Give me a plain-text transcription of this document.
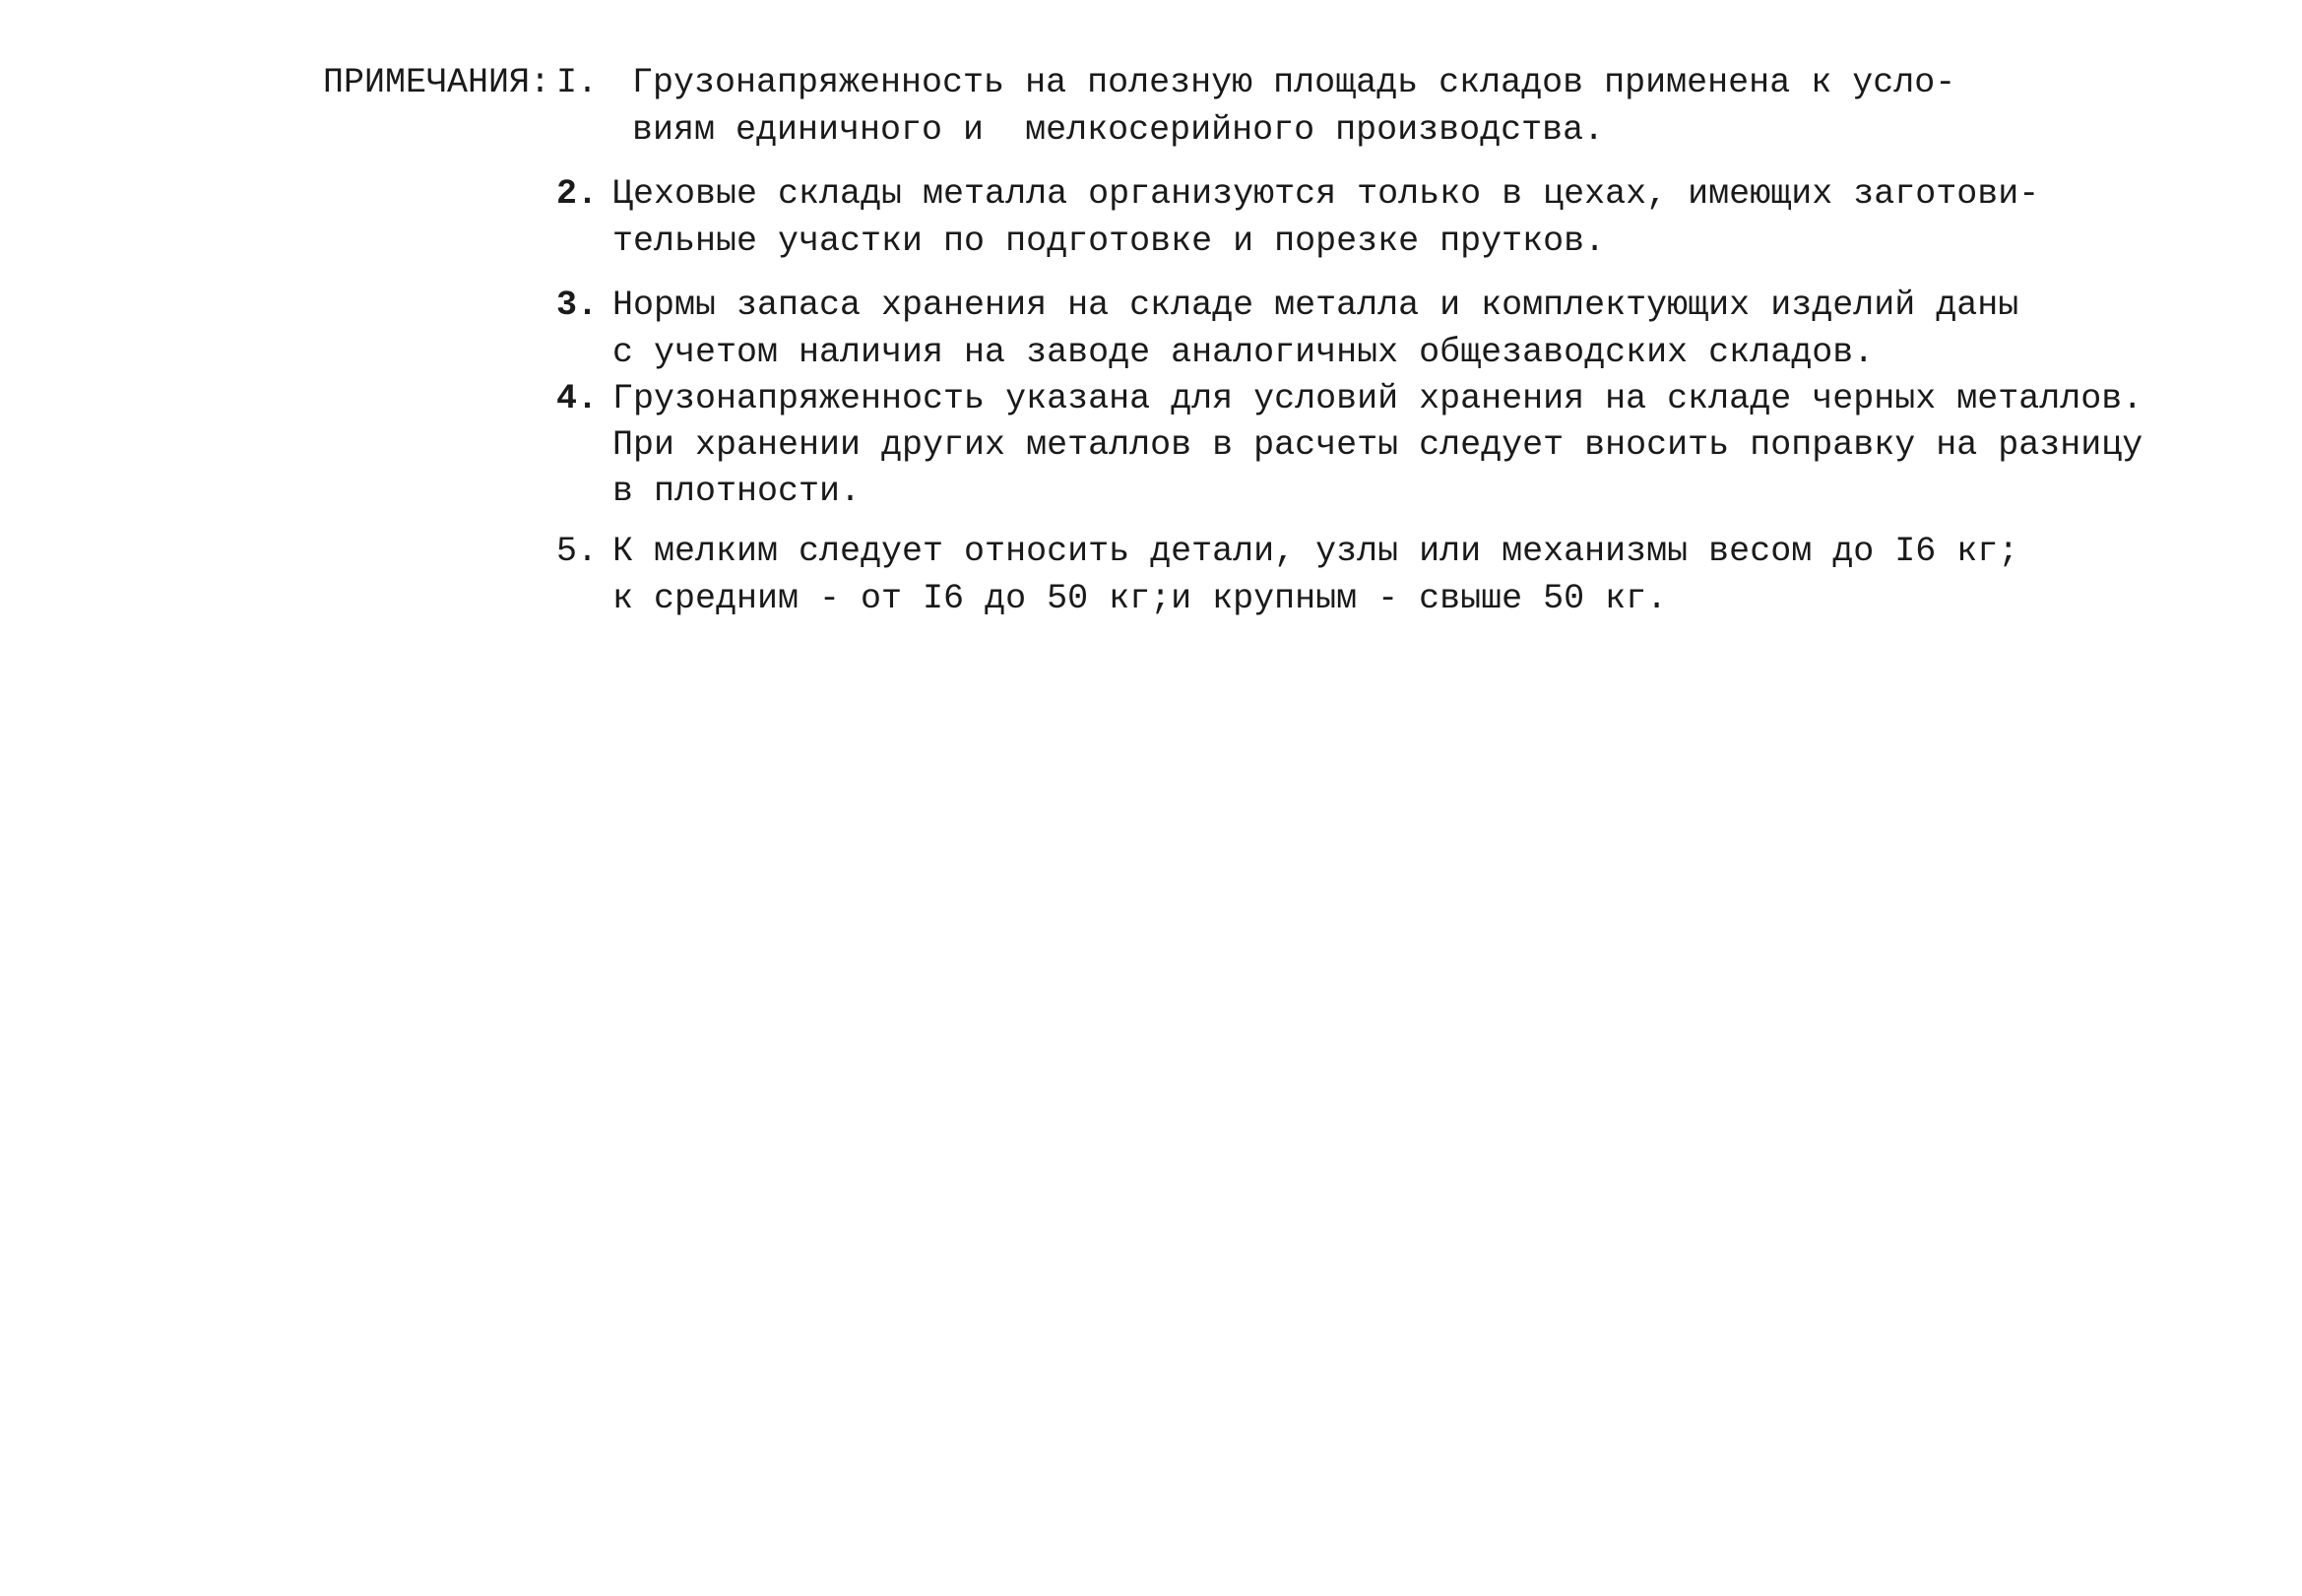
ПРИМЕЧАНИЯ: I. Грузонапряженность на полезную площадь складов применена к усло-
виям единичного и  мелкосерийного производства.
2. Цеховые склады металла организуются только в цехах, имеющих заготови-
тельные участки по подготовке и порезке прутков.
3. Нормы запаса хранения на складе металла и комплектующих изделий даны
с учетом наличия на заводе аналогичных общезаводских складов.
4. Грузонапряженность указана для условий хранения на складе черных металлов.
При хранении других металлов в расчеты следует вносить поправку на разницу
в плотности.
5. К мелким следует относить детали, узлы или механизмы весом до I6 кг;
к средним - от I6 до 50 кг;и крупным - свыше 50 кг.
